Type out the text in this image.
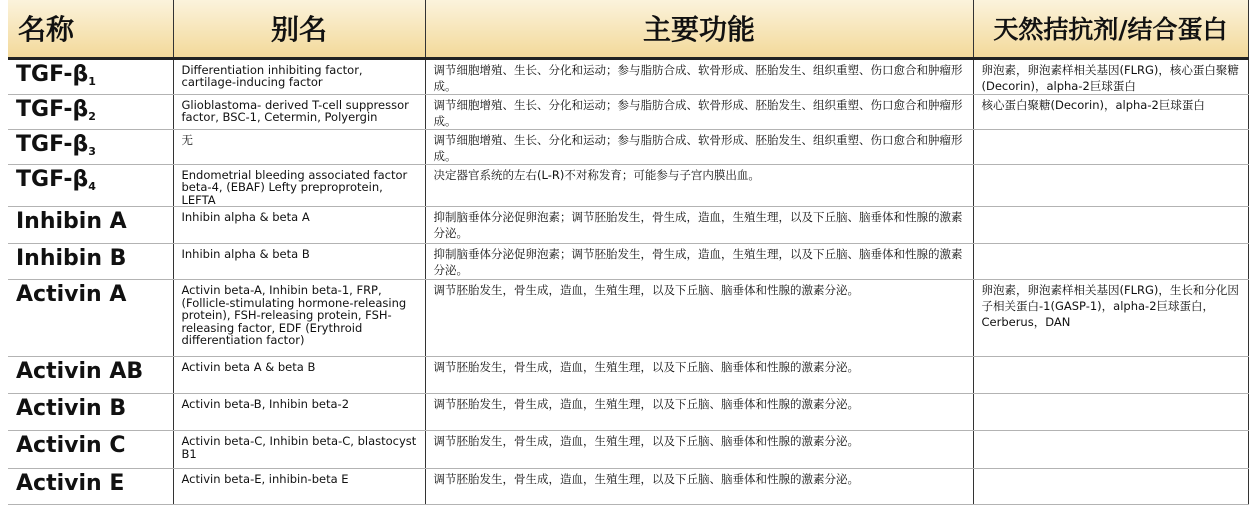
名称	别名	主要功能	天然拮抗剂/结合蛋白
TGF-$\beta_1$	Differentiation inhibiting factor, cartilage-inducing factor	调节细胞增殖、生长、分化和运动；参与脂肪合成、软骨形成、胚胎发生、组织重塑、伤口愈合和肿瘤形成。	卵泡素，卵泡素样相关基因(FLRG)，核心蛋白聚糖(Decorin)，alpha-2巨球蛋白
TGF-$\beta_2$	Glioblastoma- derived T-cell suppressor factor, BSC-1, Cetermin, Polyergin	调节细胞增殖、生长、分化和运动；参与脂肪合成、软骨形成、胚胎发生、组织重塑、伤口愈合和肿瘤形成。	核心蛋白聚糖(Decorin)，alpha-2巨球蛋白
TGF-$\beta_3$	无	调节细胞增殖、生长、分化和运动；参与脂肪合成、软骨形成、胚胎发生、组织重塑、伤口愈合和肿瘤形成。	
TGF-$\beta_4$	Endometrial bleeding associated factor beta-4, (EBAF) Lefty preproprotein, LEFTA	决定器官系统的左右(L-R)不对称发育；可能参与子宫内膜出血。	
Inhibin A	Inhibin alpha & beta A	抑制脑垂体分泌促卵泡素；调节胚胎发生，骨生成，造血，生殖生理，以及下丘脑、脑垂体和性腺的激素分泌。	
Inhibin B	Inhibin alpha & beta B	抑制脑垂体分泌促卵泡素；调节胚胎发生，骨生成，造血，生殖生理，以及下丘脑、脑垂体和性腺的激素分泌。	
Activin A	Activin beta-A, Inhibin beta-1, FRP, (Follicle-stimulating hormone-releasing protein), FSH-releasing protein, FSH-releasing factor, EDF (Erythroid differentiation factor)	调节胚胎发生，骨生成，造血，生殖生理，以及下丘脑、脑垂体和性腺的激素分泌。	卵泡素，卵泡素样相关基因(FLRG)，生长和分化因子相关蛋白-1(GASP-1)，alpha-2巨球蛋白，Cerberus，DAN
Activin AB	Activin beta A & beta B	调节胚胎发生，骨生成，造血，生殖生理，以及下丘脑、脑垂体和性腺的激素分泌。	
Activin B	Activin beta-B, Inhibin beta-2	调节胚胎发生，骨生成，造血，生殖生理，以及下丘脑、脑垂体和性腺的激素分泌。	
Activin C	Activin beta-C, Inhibin beta-C, blastocyst B1	调节胚胎发生，骨生成，造血，生殖生理，以及下丘脑、脑垂体和性腺的激素分泌。	
Activin E	Activin beta-E, inhibin-beta E	调节胚胎发生，骨生成，造血，生殖生理，以及下丘脑、脑垂体和性腺的激素分泌。	
